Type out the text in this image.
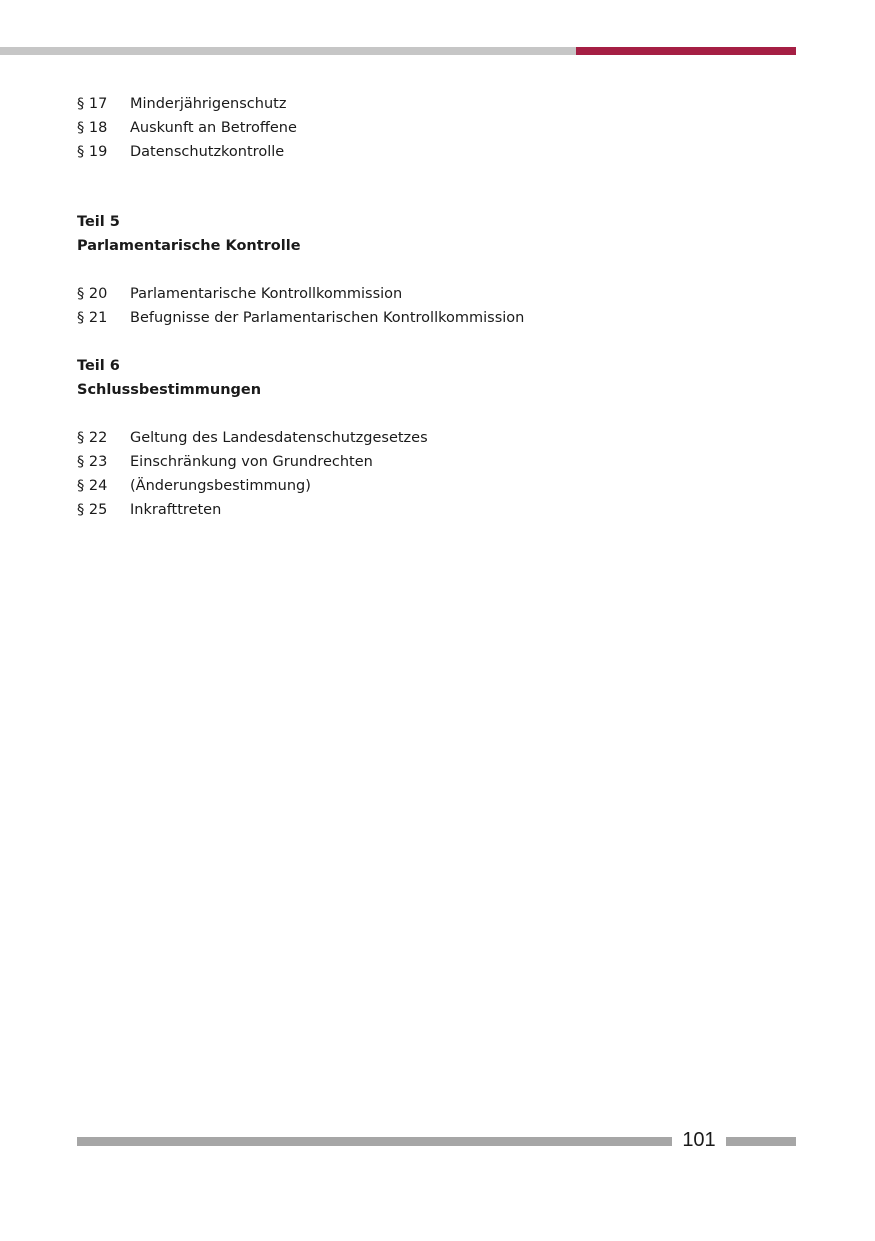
§ 17	Minderjährigenschutz
§ 18	Auskunft an Betroffene
§ 19	Datenschutzkontrolle
Teil 5
Parlamentarische Kontrolle
§ 20	Parlamentarische Kontrollkommission
§ 21	Befugnisse der Parlamentarischen Kontrollkommission
Teil 6
Schlussbestimmungen
§ 22	Geltung des Landesdatenschutzgesetzes
§ 23	Einschränkung von Grundrechten
§ 24	(Änderungsbestimmung)
§ 25	Inkrafttreten
101
